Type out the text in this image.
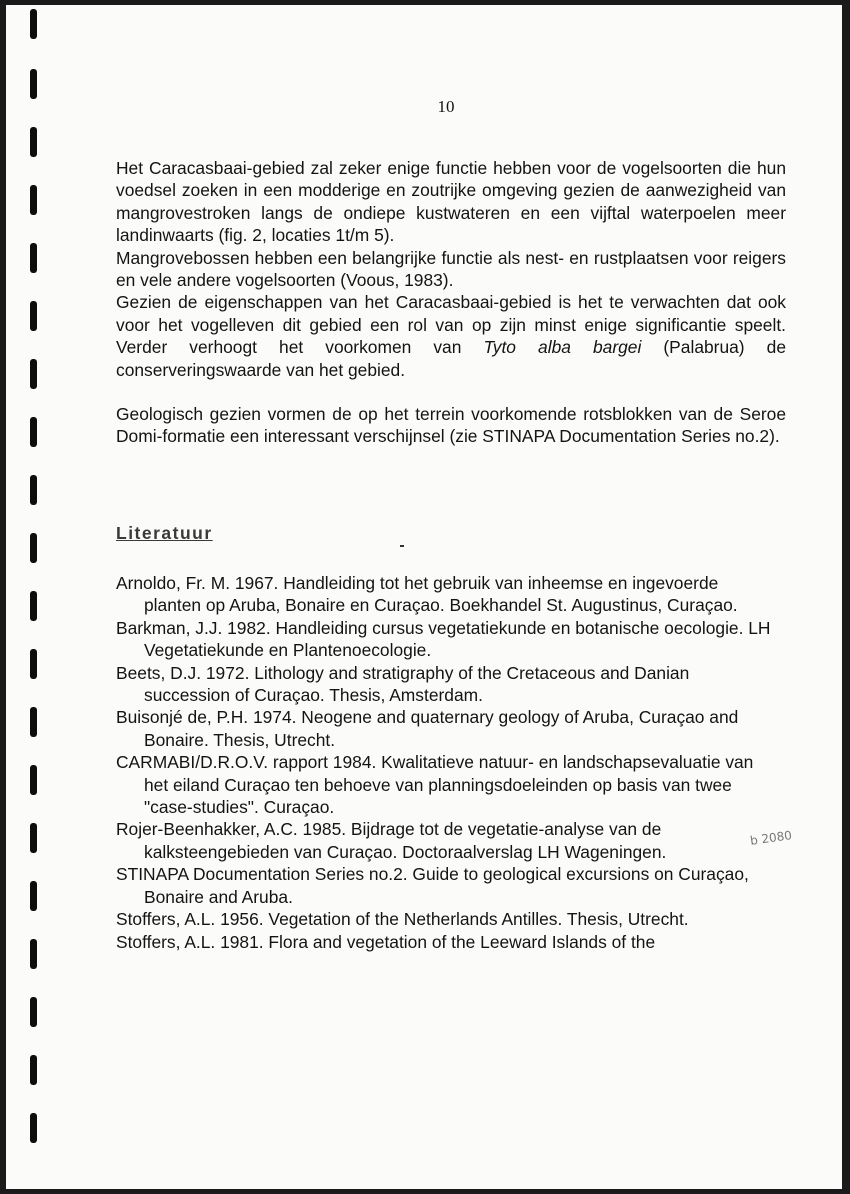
10

Het Caracasbaai-gebied zal zeker enige functie hebben voor de vogelsoorten die hun voedsel zoeken in een modderige en zoutrijke omgeving gezien de aanwezigheid van mangrovestroken langs de ondiepe kustwateren en een vijftal waterpoelen meer landinwaarts (fig. 2, locaties 1t/m 5).

Mangrovebossen hebben een belangrijke functie als nest- en rustplaatsen voor reigers en vele andere vogelsoorten (Voous, 1983).

Gezien de eigenschappen van het Caracasbaai-gebied is het te verwachten dat ook voor het vogelleven dit gebied een rol van op zijn minst enige significantie speelt. Verder verhoogt het voorkomen van Tyto alba bargei (Palabrua) de conserveringswaarde van het gebied.

Geologisch gezien vormen de op het terrein voorkomende rotsblokken van de Seroe Domi-formatie een interessant verschijnsel (zie STINAPA Documentation Series no.2).

Literatuur

Arnoldo, Fr. M. 1967. Handleiding tot het gebruik van inheemse en ingevoerde planten op Aruba, Bonaire en Curaçao. Boekhandel St. Augustinus, Curaçao.

Barkman, J.J. 1982. Handleiding cursus vegetatiekunde en botanische oecologie. LH Vegetatiekunde en Plantenoecologie.

Beets, D.J. 1972. Lithology and stratigraphy of the Cretaceous and Danian succession of Curaçao. Thesis, Amsterdam.

Buisonjé de, P.H. 1974. Neogene and quaternary geology of Aruba, Curaçao and Bonaire. Thesis, Utrecht.

CARMABI/D.R.O.V. rapport 1984. Kwalitatieve natuur- en landschapsevaluatie van het eiland Curaçao ten behoeve van planningsdoeleinden op basis van twee "case-studies". Curaçao.

Rojer-Beenhakker, A.C. 1985. Bijdrage tot de vegetatie-analyse van de kalksteengebieden van Curaçao. Doctoraalverslag LH Wageningen.

STINAPA Documentation Series no.2. Guide to geological excursions on Curaçao, Bonaire and Aruba.

Stoffers, A.L. 1956. Vegetation of the Netherlands Antilles. Thesis, Utrecht.

Stoffers, A.L. 1981. Flora and vegetation of the Leeward Islands of the

b 2080
